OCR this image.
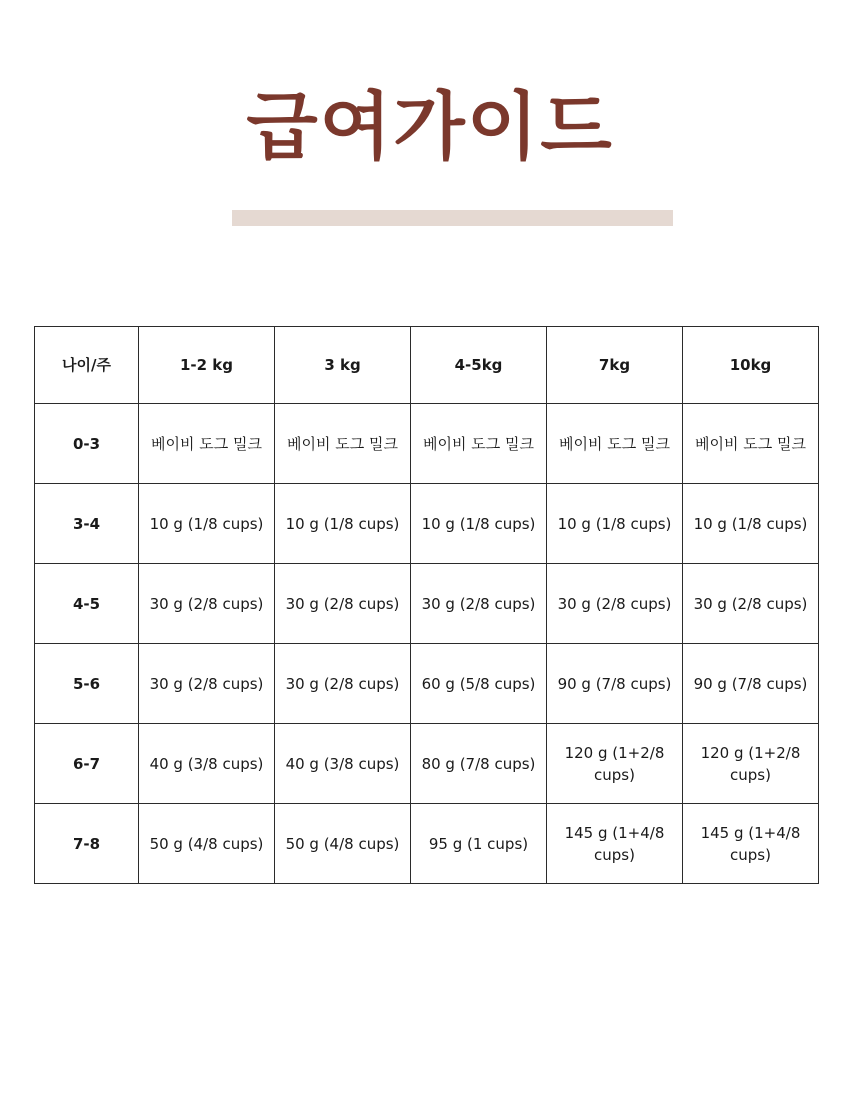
급여가이드
나이/주	1-2 kg	3 kg	4-5kg	7kg	10kg
0-3	베이비 도그 밀크	베이비 도그 밀크	베이비 도그 밀크	베이비 도그 밀크	베이비 도그 밀크
3-4	10 g (1/8 cups)	10 g (1/8 cups)	10 g (1/8 cups)	10 g (1/8 cups)	10 g (1/8 cups)
4-5	30 g (2/8 cups)	30 g (2/8 cups)	30 g (2/8 cups)	30 g (2/8 cups)	30 g (2/8 cups)
5-6	30 g (2/8 cups)	30 g (2/8 cups)	60 g (5/8 cups)	90 g (7/8 cups)	90 g (7/8 cups)
6-7	40 g (3/8 cups)	40 g (3/8 cups)	80 g (7/8 cups)	120 g (1+2/8 cups)	120 g (1+2/8 cups)
7-8	50 g (4/8 cups)	50 g (4/8 cups)	95 g (1 cups)	145 g (1+4/8 cups)	145 g (1+4/8 cups)
